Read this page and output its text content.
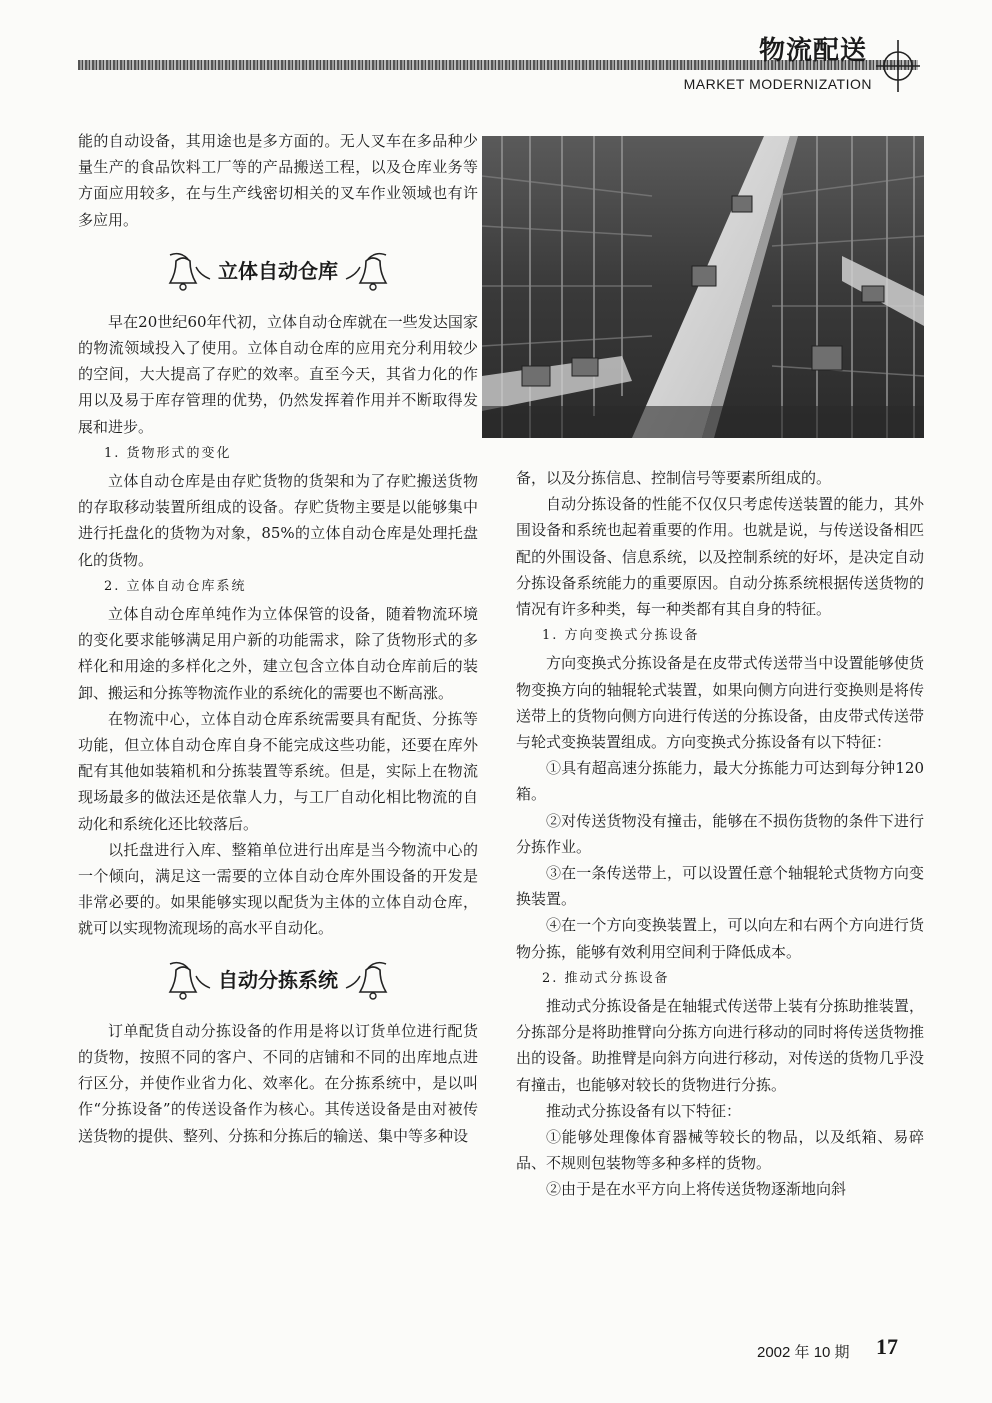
物流配送
MARKET MODERNIZATION

能的自动设备，其用途也是多方面的。无人叉车在多品种少量生产的食品饮料工厂等的产品搬送工程，以及仓库业务等方面应用较多，在与生产线密切相关的叉车作业领域也有许多应用。

立体自动仓库

早在20世纪60年代初，立体自动仓库就在一些发达国家的物流领域投入了使用。立体自动仓库的应用充分利用较少的空间，大大提高了存贮的效率。直至今天，其省力化的作用以及易于库存管理的优势，仍然发挥着作用并不断取得发展和进步。

1. 货物形式的变化

立体自动仓库是由存贮货物的货架和为了存贮搬送货物的存取移动装置所组成的设备。存贮货物主要是以能够集中进行托盘化的货物为对象，85%的立体自动仓库是处理托盘化的货物。

2. 立体自动仓库系统

立体自动仓库单纯作为立体保管的设备，随着物流环境的变化要求能够满足用户新的功能需求，除了货物形式的多样化和用途的多样化之外，建立包含立体自动仓库前后的装卸、搬运和分拣等物流作业的系统化的需要也不断高涨。

在物流中心，立体自动仓库系统需要具有配货、分拣等功能，但立体自动仓库自身不能完成这些功能，还要在库外配有其他如装箱机和分拣装置等系统。但是，实际上在物流现场最多的做法还是依靠人力，与工厂自动化相比物流的自动化和系统化还比较落后。

以托盘进行入库、整箱单位进行出库是当今物流中心的一个倾向，满足这一需要的立体自动仓库外围设备的开发是非常必要的。如果能够实现以配货为主体的立体自动仓库，就可以实现物流现场的高水平自动化。

自动分拣系统

订单配货自动分拣设备的作用是将以订货单位进行配货的货物，按照不同的客户、不同的店铺和不同的出库地点进行区分，并使作业省力化、效率化。在分拣系统中，是以叫作“分拣设备”的传送设备作为核心。其传送设备是由对被传送货物的提供、整列、分拣和分拣后的输送、集中等多种设

备，以及分拣信息、控制信号等要素所组成的。

自动分拣设备的性能不仅仅只考虑传送装置的能力，其外围设备和系统也起着重要的作用。也就是说，与传送设备相匹配的外围设备、信息系统，以及控制系统的好坏，是决定自动分拣设备系统能力的重要原因。自动分拣系统根据传送货物的情况有许多种类，每一种类都有其自身的特征。

1. 方向变换式分拣设备

方向变换式分拣设备是在皮带式传送带当中设置能够使货物变换方向的轴辊轮式装置，如果向侧方向进行变换则是将传送带上的货物向侧方向进行传送的分拣设备，由皮带式传送带与轮式变换装置组成。方向变换式分拣设备有以下特征：

①具有超高速分拣能力，最大分拣能力可达到每分钟120箱。

②对传送货物没有撞击，能够在不损伤货物的条件下进行分拣作业。

③在一条传送带上，可以设置任意个轴辊轮式货物方向变换装置。

④在一个方向变换装置上，可以向左和右两个方向进行货物分拣，能够有效利用空间利于降低成本。

2. 推动式分拣设备

推动式分拣设备是在轴辊式传送带上装有分拣助推装置，分拣部分是将助推臂向分拣方向进行移动的同时将传送货物推出的设备。助推臂是向斜方向进行移动，对传送的货物几乎没有撞击，也能够对较长的货物进行分拣。

推动式分拣设备有以下特征：

①能够处理像体育器械等较长的物品，以及纸箱、易碎品、不规则包装物等多种多样的货物。

②由于是在水平方向上将传送货物逐渐地向斜

2002 年 10 期 17
